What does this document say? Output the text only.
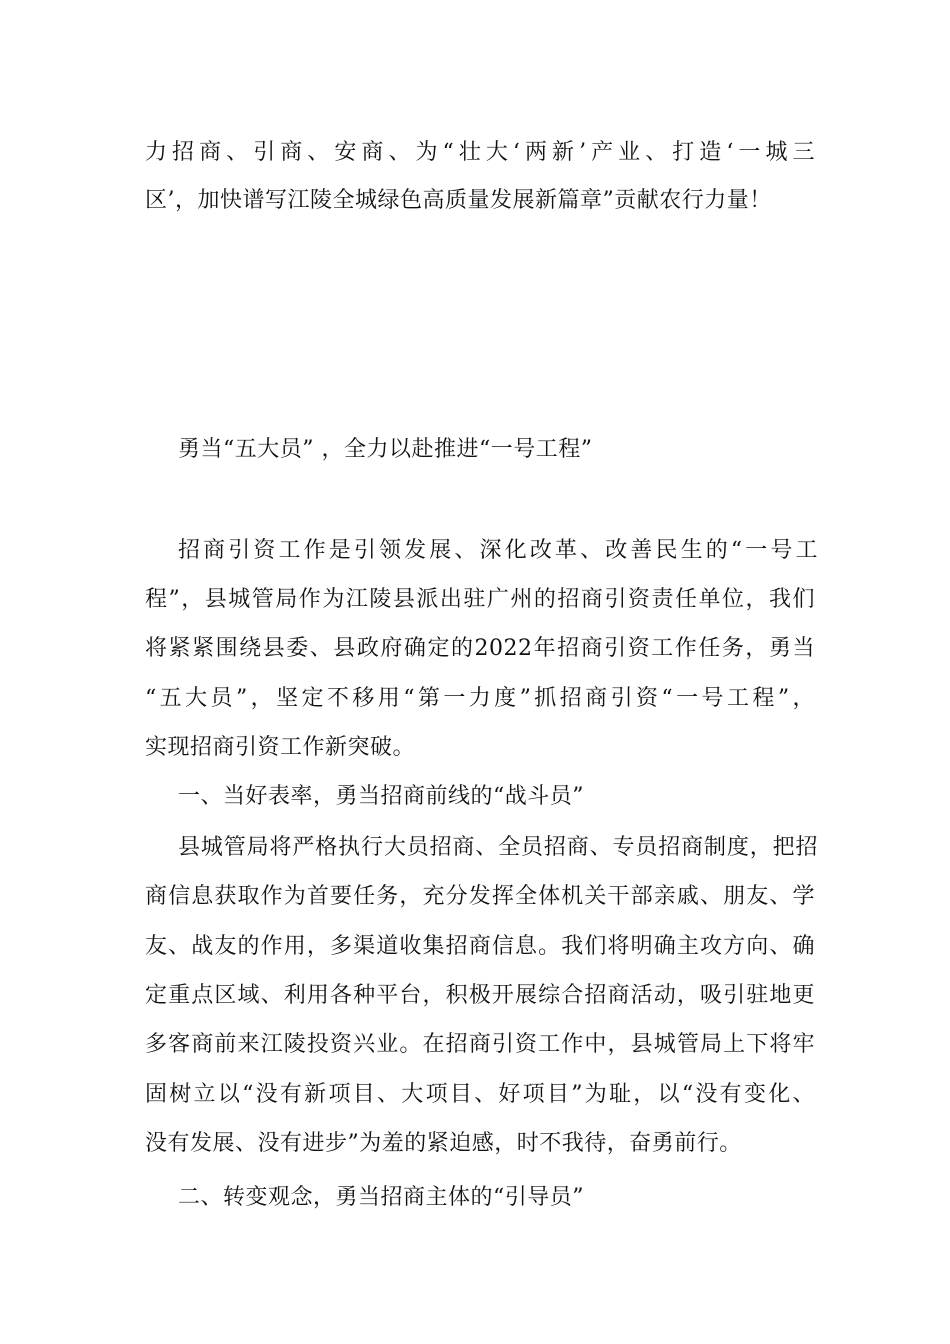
力招商、引商、安商、为“壮大‘两新’产业、打造‘一城三
区’，加快谱写江陵全城绿色高质量发展新篇章”贡献农行力量！
勇当“五大员” ，全力以赴推进“一号工程”
招商引资工作是引领发展、深化改革、改善民生的“一号工
程”，县城管局作为江陵县派出驻广州的招商引资责任单位，我们
将紧紧围绕县委、县政府确定的2022年招商引资工作任务，勇当
“五大员”，坚定不移用“第一力度”抓招商引资“一号工程”，
实现招商引资工作新突破。
一、当好表率，勇当招商前线的“战斗员”
县城管局将严格执行大员招商、全员招商、专员招商制度，把招
商信息获取作为首要任务，充分发挥全体机关干部亲戚、朋友、学
友、战友的作用，多渠道收集招商信息。我们将明确主攻方向、确
定重点区域、利用各种平台，积极开展综合招商活动，吸引驻地更
多客商前来江陵投资兴业。在招商引资工作中，县城管局上下将牢
固树立以“没有新项目、大项目、好项目”为耻，以“没有变化、
没有发展、没有进步”为羞的紧迫感，时不我待，奋勇前行。
二、转变观念，勇当招商主体的“引导员”
